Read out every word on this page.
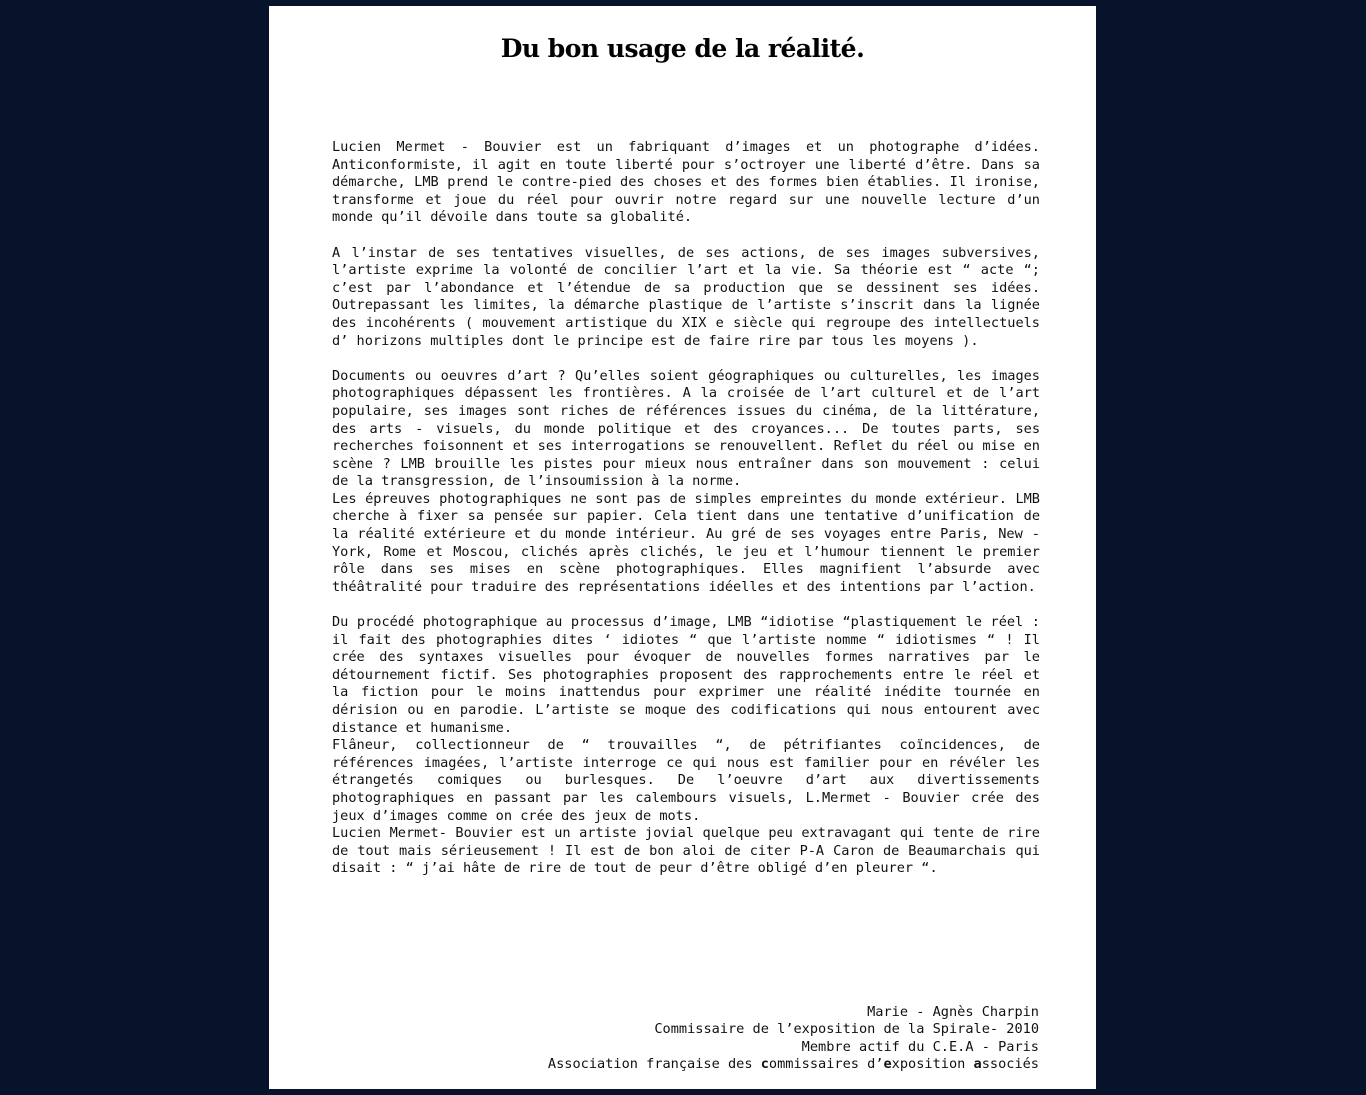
Du bon usage de la réalité.

Lucien Mermet - Bouvier est un fabriquant d’images et un photographe d’idées. Anticonformiste, il agit en toute liberté pour s’octroyer une liberté d’être. Dans sa démarche, LMB prend le contre-pied des choses et des formes bien établies. Il ironise, transforme et joue du réel pour ouvrir notre regard sur une nouvelle lecture d’un monde qu’il dévoile dans toute sa globalité.

A l’instar de ses tentatives visuelles, de ses actions, de ses images subversives, l’artiste exprime la volonté de concilier l’art et la vie. Sa théorie est “ acte “; c’est par l’abondance et l’étendue de sa production que se dessinent ses idées. Outrepassant les limites, la démarche plastique de l’artiste s’inscrit dans la lignée des incohérents ( mouvement artistique du XIX e siècle qui regroupe des intellectuels d’ horizons multiples dont le principe est de faire rire par tous les moyens ).

Documents ou oeuvres d’art ? Qu’elles soient géographiques ou culturelles, les images photographiques dépassent les frontières. A la croisée de l’art culturel et de l’art populaire, ses images sont riches de références issues du cinéma, de la littérature, des arts - visuels, du monde politique et des croyances... De toutes parts, ses recherches foisonnent et ses interrogations se renouvellent. Reflet du réel ou mise en scène ? LMB brouille les pistes pour mieux nous entraîner dans son mouvement : celui de la transgression, de l’insoumission à la norme.

Les épreuves photographiques ne sont pas de simples empreintes du monde extérieur. LMB cherche à fixer sa pensée sur papier. Cela tient dans une tentative d’unification de la réalité extérieure et du monde intérieur. Au gré de ses voyages entre Paris, New - York, Rome et Moscou, clichés après clichés, le jeu et l’humour tiennent le premier rôle dans ses mises en scène photographiques. Elles magnifient l’absurde avec théâtralité pour traduire des représentations idéelles et des intentions par l’action.

Du procédé photographique au processus d’image, LMB “idiotise “plastiquement le réel : il fait des photographies dites ‘ idiotes “ que l’artiste nomme “ idiotismes “ ! Il crée des syntaxes visuelles pour évoquer de nouvelles formes narratives par le détournement fictif. Ses photographies proposent des rapprochements entre le réel et la fiction pour le moins inattendus pour exprimer une réalité inédite tournée en dérision ou en parodie. L’artiste se moque des codifications qui nous entourent avec distance et humanisme.

Flâneur, collectionneur de “ trouvailles “, de pétrifiantes coïncidences, de références imagées, l’artiste interroge ce qui nous est familier pour en révéler les étrangetés comiques ou burlesques. De l’oeuvre d’art aux divertissements photographiques en passant par les calembours visuels, L.Mermet - Bouvier crée des jeux d’images comme on crée des jeux de mots.

Lucien Mermet- Bouvier est un artiste jovial quelque peu extravagant qui tente de rire de tout mais sérieusement ! Il est de bon aloi de citer P-A Caron de Beaumarchais qui disait : “ j’ai hâte de rire de tout de peur d’être obligé d’en pleurer “.

Marie - Agnès Charpin
Commissaire de l’exposition de la Spirale- 2010
Membre actif du C.E.A - Paris
Association française des commissaires d’exposition associés
